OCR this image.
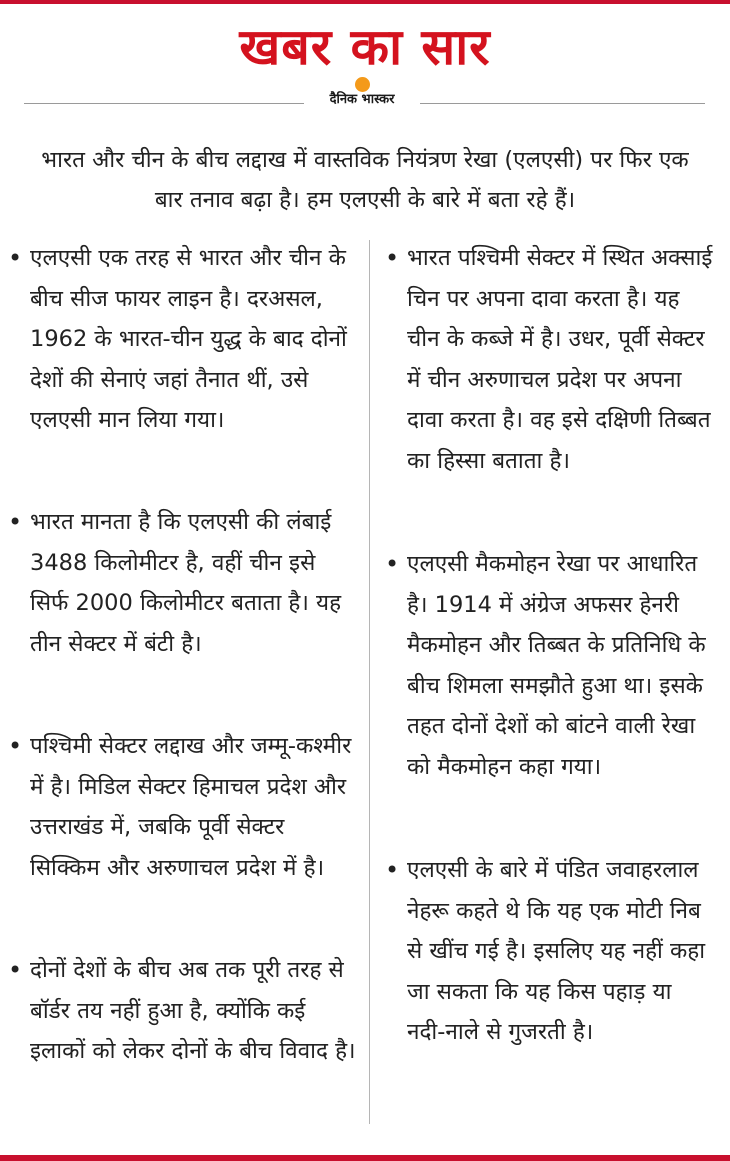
खबर का सार
दैनिक भास्कर
भारत और चीन के बीच लद्दाख में वास्तविक नियंत्रण रेखा (एलएसी) पर फिर एक बार तनाव बढ़ा है। हम एलएसी के बारे में बता रहे हैं।
• एलएसी एक तरह से भारत और चीन के बीच सीज फायर लाइन है। दरअसल, 1962 के भारत-चीन युद्ध के बाद दोनों देशों की सेनाएं जहां तैनात थीं, उसे एलएसी मान लिया गया।
• भारत मानता है कि एलएसी की लंबाई 3488 किलोमीटर है, वहीं चीन इसे सिर्फ 2000 किलोमीटर बताता है। यह तीन सेक्टर में बंटी है।
• पश्चिमी सेक्टर लद्दाख और जम्मू-कश्मीर में है। मिडिल सेक्टर हिमाचल प्रदेश और उत्तराखंड में, जबकि पूर्वी सेक्टर सिक्किम और अरुणाचल प्रदेश में है।
• दोनों देशों के बीच अब तक पूरी तरह से बॉर्डर तय नहीं हुआ है, क्योंकि कई इलाकों को लेकर दोनों के बीच विवाद है।
• भारत पश्चिमी सेक्टर में स्थित अक्साई चिन पर अपना दावा करता है। यह चीन के कब्जे में है। उधर, पूर्वी सेक्टर में चीन अरुणाचल प्रदेश पर अपना दावा करता है। वह इसे दक्षिणी तिब्बत का हिस्सा बताता है।
• एलएसी मैकमोहन रेखा पर आधारित है। 1914 में अंग्रेज अफसर हेनरी मैकमोहन और तिब्बत के प्रतिनिधि के बीच शिमला समझौते हुआ था। इसके तहत दोनों देशों को बांटने वाली रेखा को मैकमोहन कहा गया।
• एलएसी के बारे में पंडित जवाहरलाल नेहरू कहते थे कि यह एक मोटी निब से खींच गई है। इसलिए यह नहीं कहा जा सकता कि यह किस पहाड़ या नदी-नाले से गुजरती है।
